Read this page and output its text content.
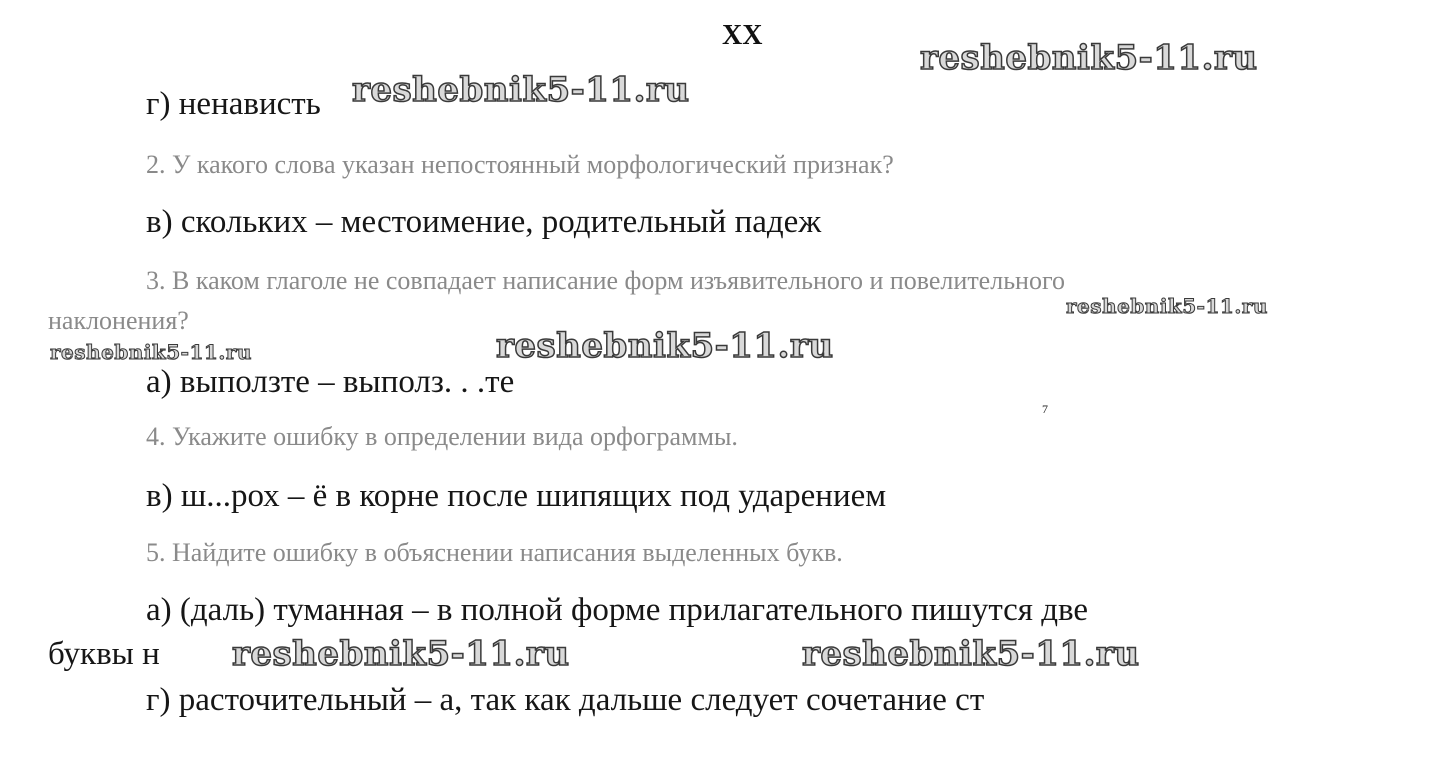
XX
reshebnik5-11.ru
reshebnik5-11.ru
reshebnik5-11.ru
reshebnik5-11.ru	reshebnik5-11.ru
reshebnik5-11.ru	reshebnik5-11.ru
г) ненависть
2. У какого слова указан непостоянный морфологический признак?
в) скольких – местоимение, родительный падеж
3. В каком глаголе не совпадает написание форм изъявительного и повелительного
наклонения?
а) выползте – выполз. . .те
7
4. Укажите ошибку в определении вида орфограммы.
в) ш...рох – ё в корне после шипящих под ударением
5. Найдите ошибку в объяснении написания выделенных букв.
а) (даль) туманная – в полной форме прилагательного пишутся две
буквы н
г) расточительный – а, так как дальше следует сочетание ст
